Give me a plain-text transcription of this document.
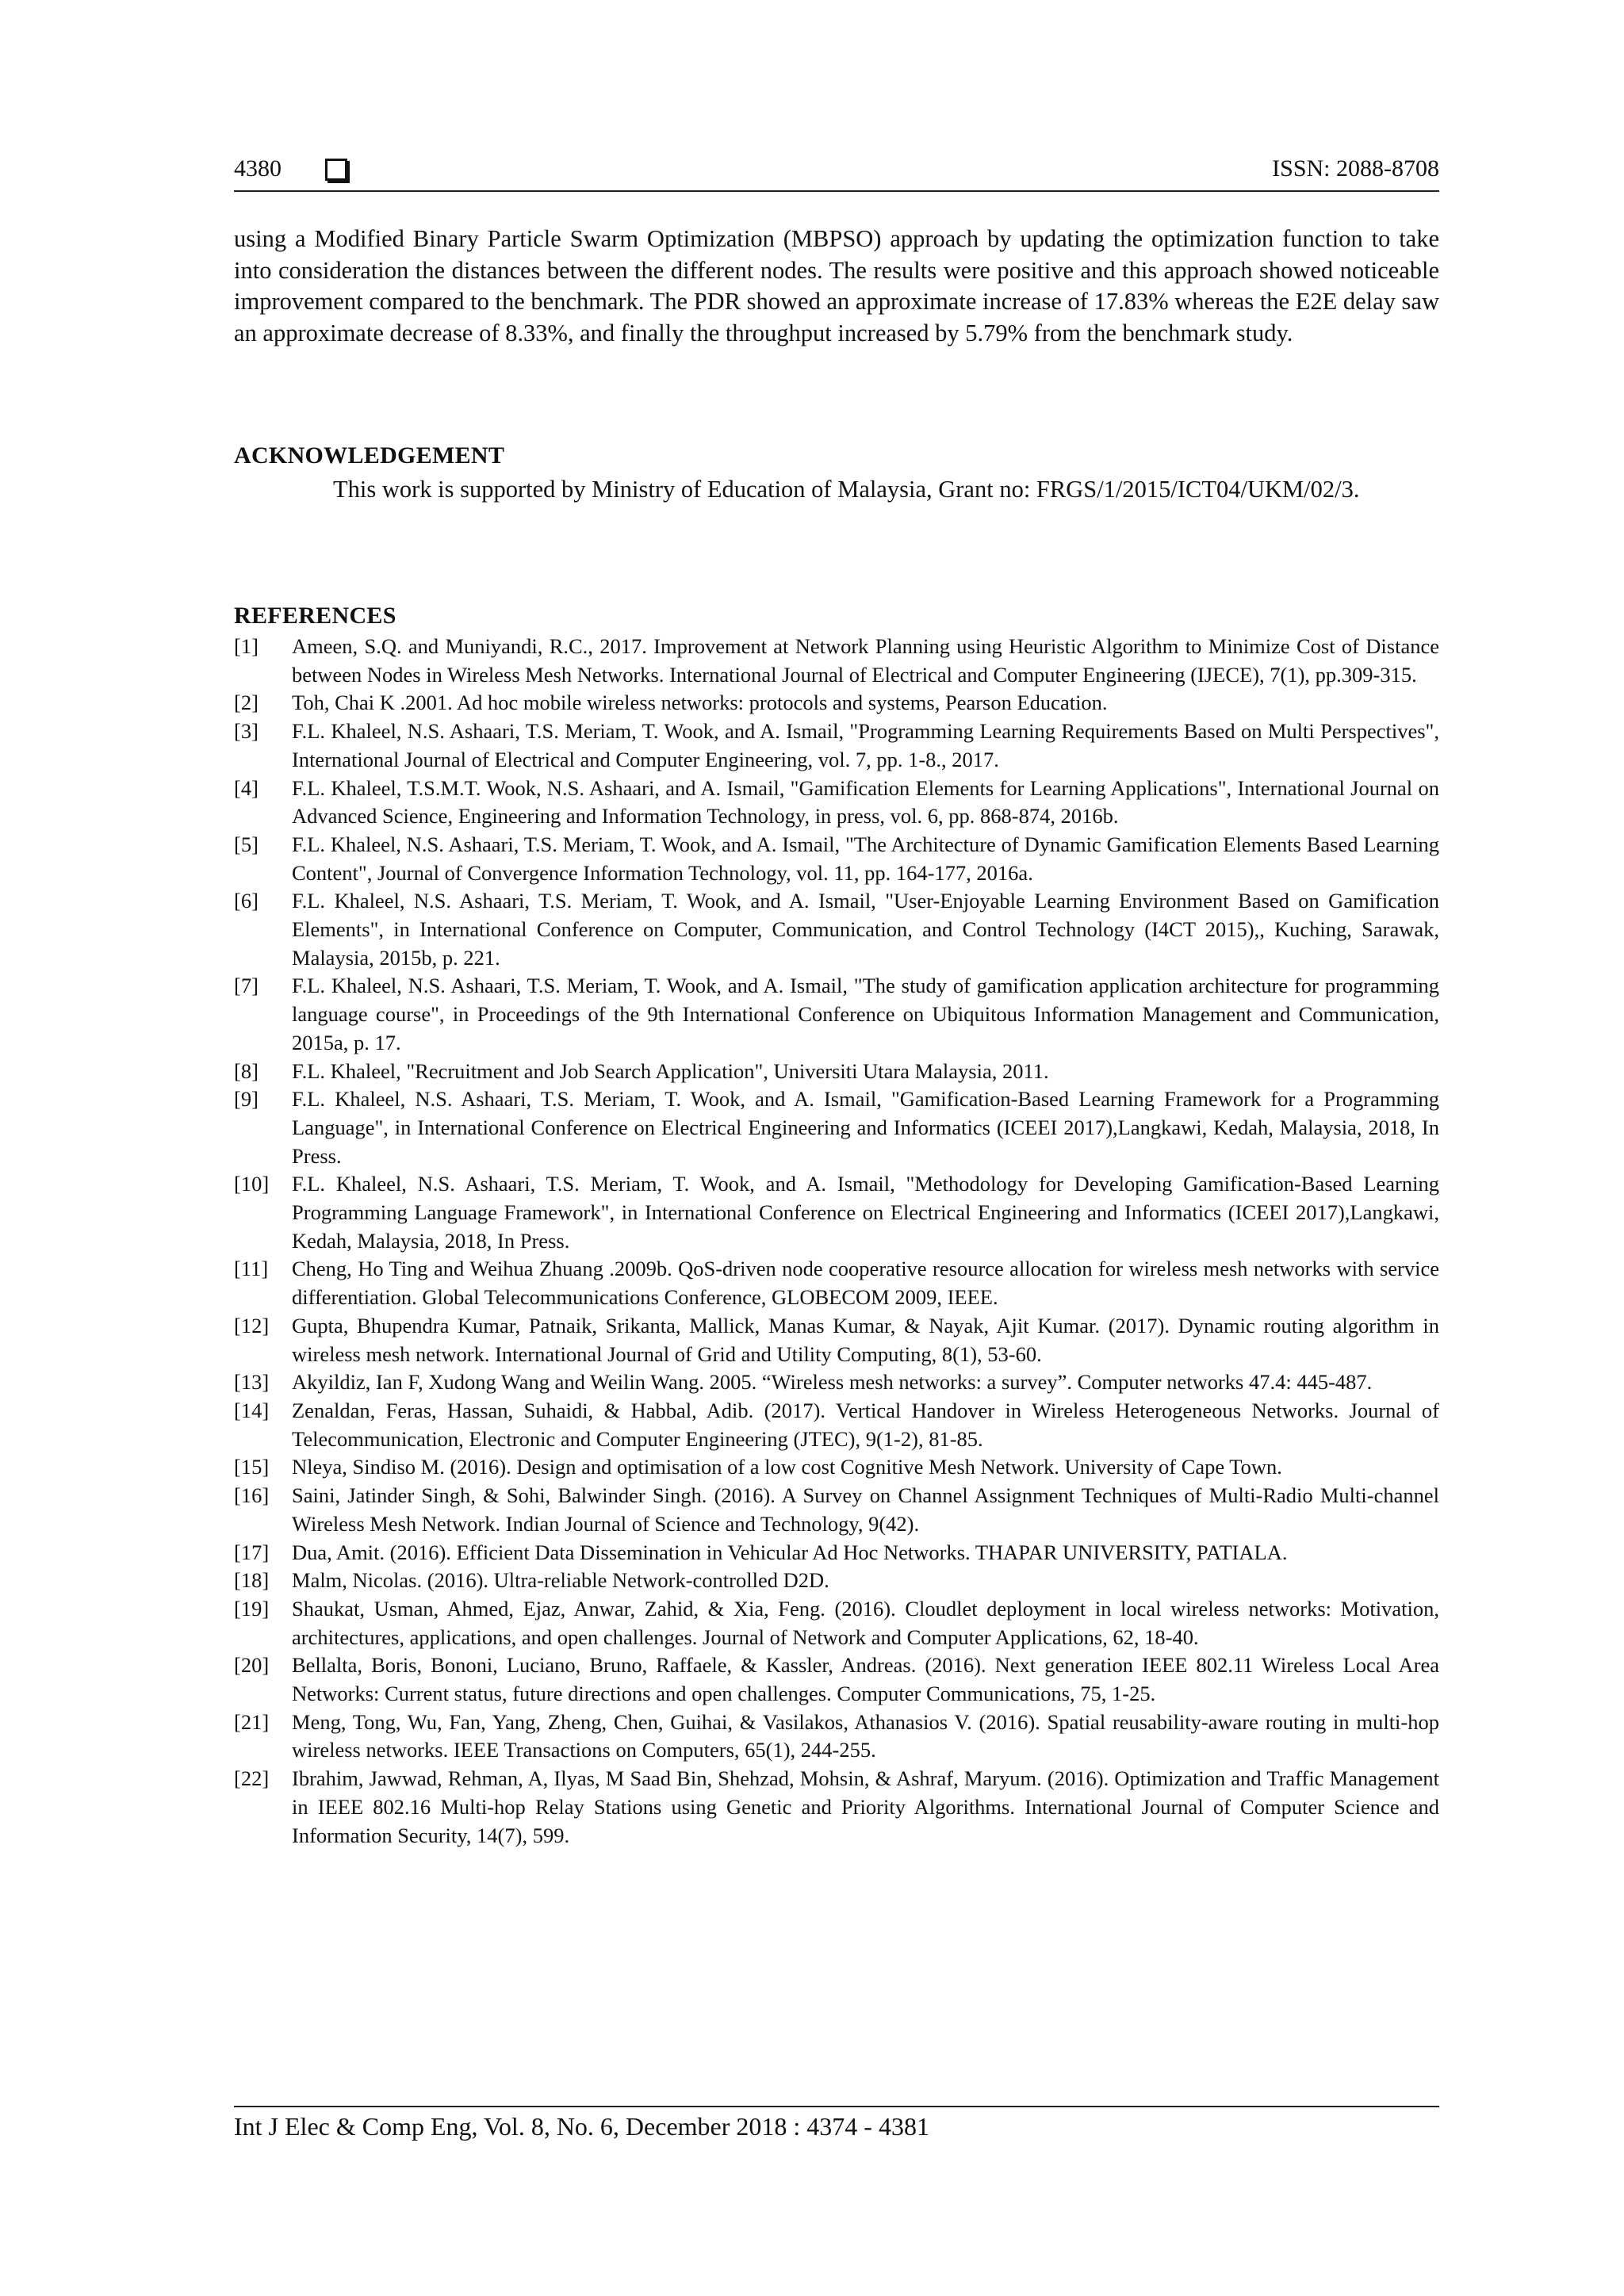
4380	ISSN: 2088-8708

using a Modified Binary Particle Swarm Optimization (MBPSO) approach by updating the optimization function to take into consideration the distances between the different nodes. The results were positive and this approach showed noticeable improvement compared to the benchmark. The PDR showed an approximate increase of 17.83% whereas the E2E delay saw an approximate decrease of 8.33%, and finally the throughput increased by 5.79% from the benchmark study.

ACKNOWLEDGEMENT

This work is supported by Ministry of Education of Malaysia, Grant no: FRGS/1/2015/ICT04/UKM/02/3.

REFERENCES
[1] Ameen, S.Q. and Muniyandi, R.C., 2017. Improvement at Network Planning using Heuristic Algorithm to Minimize Cost of Distance between Nodes in Wireless Mesh Networks. International Journal of Electrical and Computer Engineering (IJECE), 7(1), pp.309-315.
[2] Toh, Chai K .2001. Ad hoc mobile wireless networks: protocols and systems, Pearson Education.
[3] F.L. Khaleel, N.S. Ashaari, T.S. Meriam, T. Wook, and A. Ismail, "Programming Learning Requirements Based on Multi Perspectives", International Journal of Electrical and Computer Engineering, vol. 7, pp. 1-8., 2017.
[4] F.L. Khaleel, T.S.M.T. Wook, N.S. Ashaari, and A. Ismail, "Gamification Elements for Learning Applications", International Journal on Advanced Science, Engineering and Information Technology, in press, vol. 6, pp. 868-874, 2016b.
[5] F.L. Khaleel, N.S. Ashaari, T.S. Meriam, T. Wook, and A. Ismail, "The Architecture of Dynamic Gamification Elements Based Learning Content", Journal of Convergence Information Technology, vol. 11, pp. 164-177, 2016a.
[6] F.L. Khaleel, N.S. Ashaari, T.S. Meriam, T. Wook, and A. Ismail, "User-Enjoyable Learning Environment Based on Gamification Elements", in International Conference on Computer, Communication, and Control Technology (I4CT 2015),, Kuching, Sarawak, Malaysia, 2015b, p. 221.
[7] F.L. Khaleel, N.S. Ashaari, T.S. Meriam, T. Wook, and A. Ismail, "The study of gamification application architecture for programming language course", in Proceedings of the 9th International Conference on Ubiquitous Information Management and Communication, 2015a, p. 17.
[8] F.L. Khaleel, "Recruitment and Job Search Application", Universiti Utara Malaysia, 2011.
[9] F.L. Khaleel, N.S. Ashaari, T.S. Meriam, T. Wook, and A. Ismail, "Gamification-Based Learning Framework for a Programming Language", in International Conference on Electrical Engineering and Informatics (ICEEI 2017),Langkawi, Kedah, Malaysia, 2018, In Press.
[10] F.L. Khaleel, N.S. Ashaari, T.S. Meriam, T. Wook, and A. Ismail, "Methodology for Developing Gamification-Based Learning Programming Language Framework", in International Conference on Electrical Engineering and Informatics (ICEEI 2017),Langkawi, Kedah, Malaysia, 2018, In Press.
[11] Cheng, Ho Ting and Weihua Zhuang .2009b. QoS-driven node cooperative resource allocation for wireless mesh networks with service differentiation. Global Telecommunications Conference, GLOBECOM 2009, IEEE.
[12] Gupta, Bhupendra Kumar, Patnaik, Srikanta, Mallick, Manas Kumar, & Nayak, Ajit Kumar. (2017). Dynamic routing algorithm in wireless mesh network. International Journal of Grid and Utility Computing, 8(1), 53-60.
[13] Akyildiz, Ian F, Xudong Wang and Weilin Wang. 2005. “Wireless mesh networks: a survey”. Computer networks 47.4: 445-487.
[14] Zenaldan, Feras, Hassan, Suhaidi, & Habbal, Adib. (2017). Vertical Handover in Wireless Heterogeneous Networks. Journal of Telecommunication, Electronic and Computer Engineering (JTEC), 9(1-2), 81-85.
[15] Nleya, Sindiso M. (2016). Design and optimisation of a low cost Cognitive Mesh Network. University of Cape Town.
[16] Saini, Jatinder Singh, & Sohi, Balwinder Singh. (2016). A Survey on Channel Assignment Techniques of Multi-Radio Multi-channel Wireless Mesh Network. Indian Journal of Science and Technology, 9(42).
[17] Dua, Amit. (2016). Efficient Data Dissemination in Vehicular Ad Hoc Networks. THAPAR UNIVERSITY, PATIALA.
[18] Malm, Nicolas. (2016). Ultra-reliable Network-controlled D2D.
[19] Shaukat, Usman, Ahmed, Ejaz, Anwar, Zahid, & Xia, Feng. (2016). Cloudlet deployment in local wireless networks: Motivation, architectures, applications, and open challenges. Journal of Network and Computer Applications, 62, 18-40.
[20] Bellalta, Boris, Bononi, Luciano, Bruno, Raffaele, & Kassler, Andreas. (2016). Next generation IEEE 802.11 Wireless Local Area Networks: Current status, future directions and open challenges. Computer Communications, 75, 1-25.
[21] Meng, Tong, Wu, Fan, Yang, Zheng, Chen, Guihai, & Vasilakos, Athanasios V. (2016). Spatial reusability-aware routing in multi-hop wireless networks. IEEE Transactions on Computers, 65(1), 244-255.
[22] Ibrahim, Jawwad, Rehman, A, Ilyas, M Saad Bin, Shehzad, Mohsin, & Ashraf, Maryum. (2016). Optimization and Traffic Management in IEEE 802.16 Multi-hop Relay Stations using Genetic and Priority Algorithms. International Journal of Computer Science and Information Security, 14(7), 599.
Int J Elec & Comp Eng, Vol. 8, No. 6, December 2018 : 4374 - 4381
